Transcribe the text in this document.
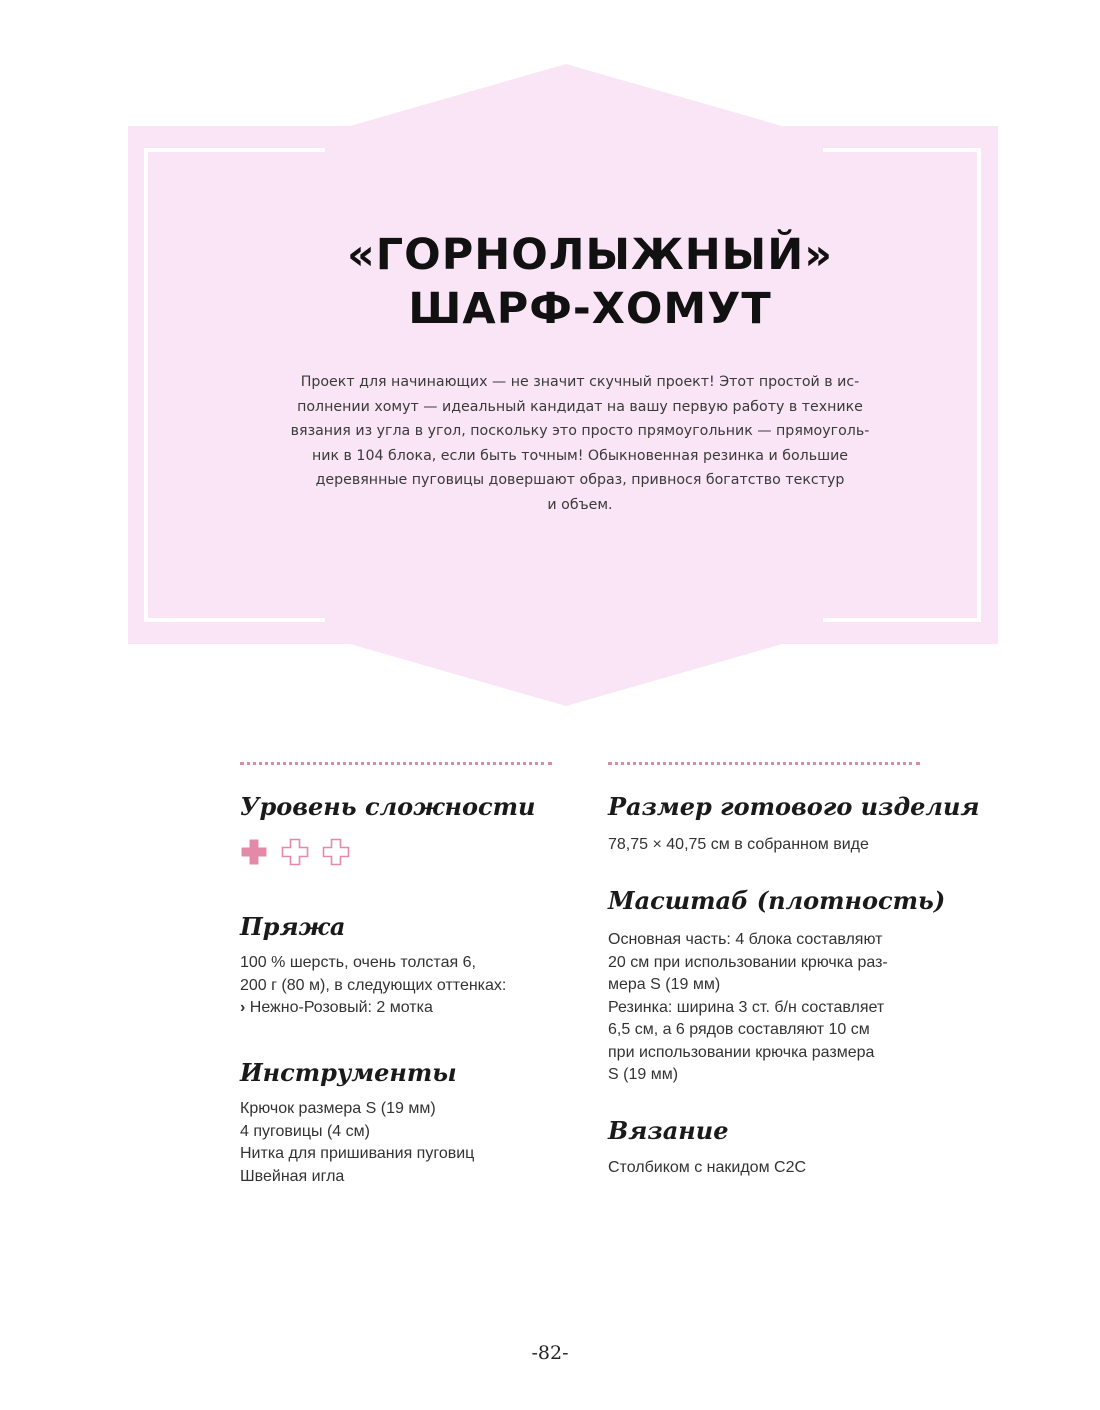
«ГОРНОЛЫЖНЫЙ»
ШАРФ-ХОМУТ

Проект для начинающих — не значит скучный проект! Этот простой в ис-
полнении хомут — идеальный кандидат на вашу первую работу в технике
вязания из угла в угол, поскольку это просто прямоугольник — прямоуголь-
ник в 104 блока, если быть точным! Обыкновенная резинка и большие
деревянные пуговицы довершают образ, привнося богатство текстур
и объем.

Уровень сложности
Пряжа

100 % шерсть, очень толстая 6,
200 г (80 м), в следующих оттенках:
› Нежно-Розовый: 2 мотка

Инструменты

Крючок размера S (19 мм)
4 пуговицы (4 см)
Нитка для пришивания пуговиц
Швейная игла

Размер готового изделия

78,75 × 40,75 см в собранном виде

Масштаб (плотность)

Основная часть: 4 блока составляют
20 см при использовании крючка раз-
мера S (19 мм)
Резинка: ширина 3 ст. б/н составляет
6,5 см, а 6 рядов составляют 10 см
при использовании крючка размера
S (19 мм)

Вязание

Столбиком с накидом C2C

-82-
